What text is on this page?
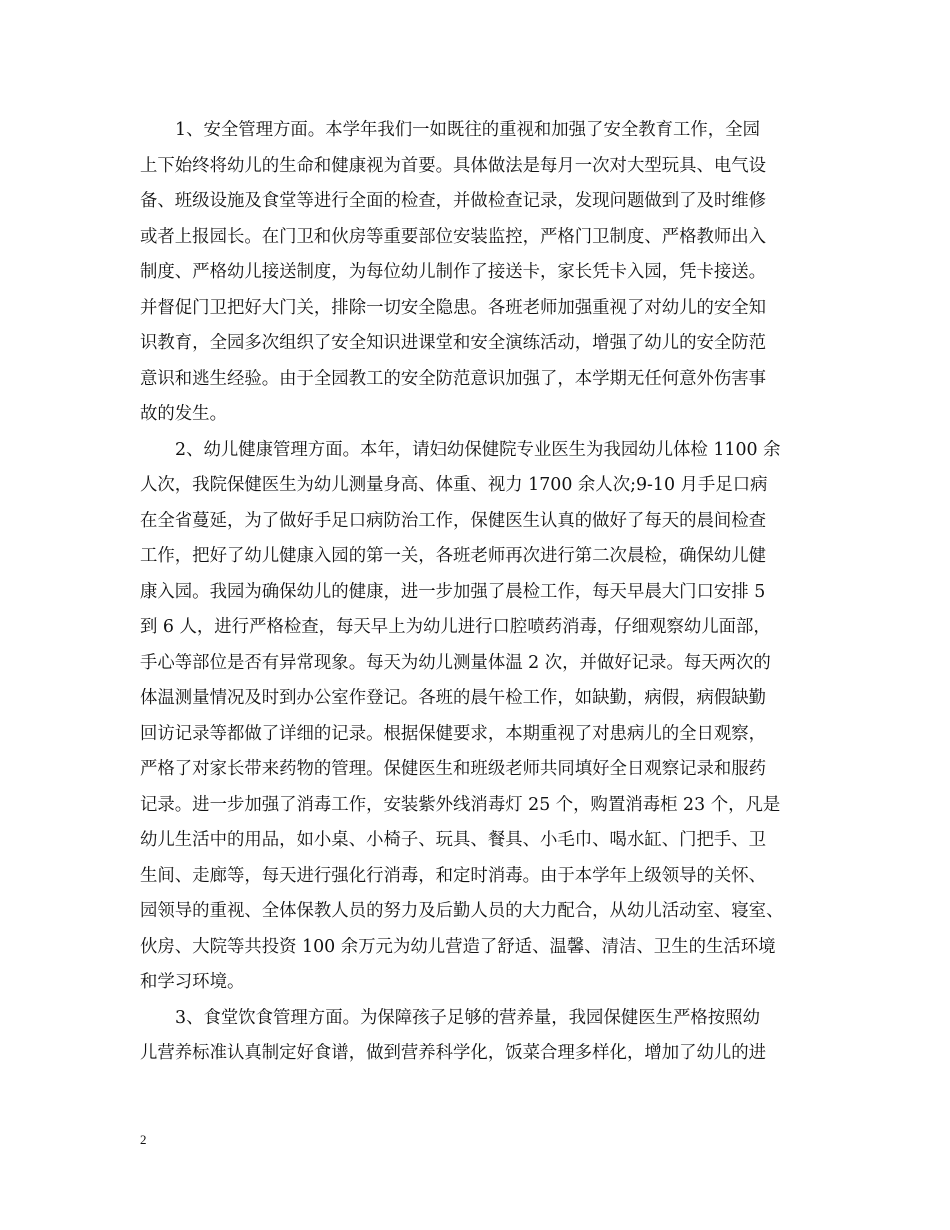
1、安全管理方面。本学年我们一如既往的重视和加强了安全教育工作，全园
上下始终将幼儿的生命和健康视为首要。具体做法是每月一次对大型玩具、电气设
备、班级设施及食堂等进行全面的检查，并做检查记录，发现问题做到了及时维修
或者上报园长。在门卫和伙房等重要部位安装监控，严格门卫制度、严格教师出入
制度、严格幼儿接送制度，为每位幼儿制作了接送卡，家长凭卡入园，凭卡接送。
并督促门卫把好大门关，排除一切安全隐患。各班老师加强重视了对幼儿的安全知
识教育，全园多次组织了安全知识进课堂和安全演练活动，增强了幼儿的安全防范
意识和逃生经验。由于全园教工的安全防范意识加强了，本学期无任何意外伤害事
故的发生。
2、幼儿健康管理方面。本年，请妇幼保健院专业医生为我园幼儿体检 1100 余
人次，我院保健医生为幼儿测量身高、体重、视力 1700 余人次;9-10 月手足口病
在全省蔓延，为了做好手足口病防治工作，保健医生认真的做好了每天的晨间检查
工作，把好了幼儿健康入园的第一关，各班老师再次进行第二次晨检，确保幼儿健
康入园。我园为确保幼儿的健康，进一步加强了晨检工作，每天早晨大门口安排 5
到 6 人，进行严格检查，每天早上为幼儿进行口腔喷药消毒，仔细观察幼儿面部，
手心等部位是否有异常现象。每天为幼儿测量体温 2 次，并做好记录。每天两次的
体温测量情况及时到办公室作登记。各班的晨午检工作，如缺勤，病假，病假缺勤
回访记录等都做了详细的记录。根据保健要求，本期重视了对患病儿的全日观察，
严格了对家长带来药物的管理。保健医生和班级老师共同填好全日观察记录和服药
记录。进一步加强了消毒工作，安装紫外线消毒灯 25 个，购置消毒柜 23 个，凡是
幼儿生活中的用品，如小桌、小椅子、玩具、餐具、小毛巾、喝水缸、门把手、卫
生间、走廊等，每天进行强化行消毒，和定时消毒。由于本学年上级领导的关怀、
园领导的重视、全体保教人员的努力及后勤人员的大力配合，从幼儿活动室、寝室、
伙房、大院等共投资 100 余万元为幼儿营造了舒适、温馨、清洁、卫生的生活环境
和学习环境。
3、食堂饮食管理方面。为保障孩子足够的营养量，我园保健医生严格按照幼
儿营养标准认真制定好食谱，做到营养科学化，饭菜合理多样化，增加了幼儿的进
2
